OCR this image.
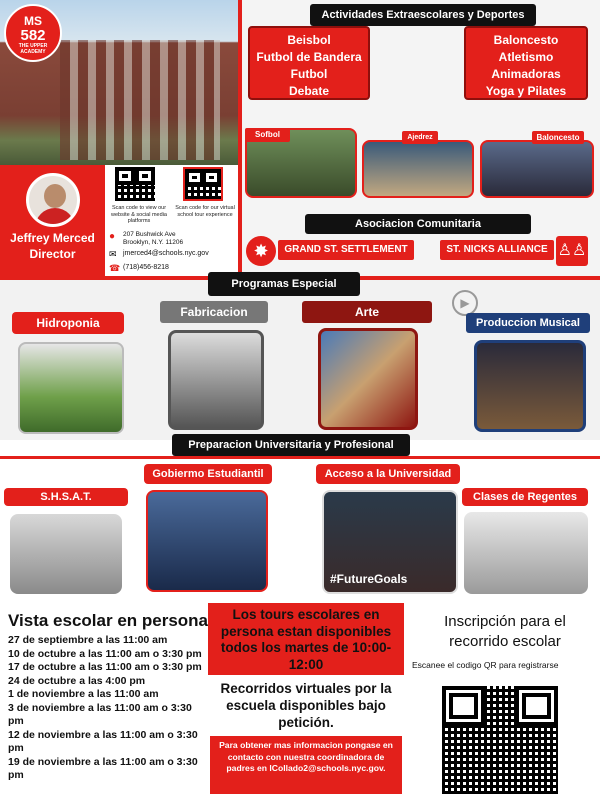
MS
582
THE UPPER ACADEMY
Jeffrey Merced
Director
Scan code to view our website & social media platforms
Scan code for our virtual school tour experience
● 207 Bushwick Ave
Brooklyn, N.Y. 11206
✉ jmerced4@schools.nyc.gov
☎ (718)456-8218
Actividades Extraescolares y Deportes
Beisbol
Futbol de Bandera
Futbol
Debate
Baloncesto
Atletismo
Animadoras
Yoga y Pilates
Sofbol	Ajedrez	Baloncesto
Asociacion Comunitaria
✸	GRAND ST. SETTLEMENT	ST. NICKS ALLIANCE ♙♙
Programas Especial
Hidroponia
Fabricacion	Arte
▶
Produccion Musical
Preparacion Universitaria y Profesional
Gobiermo Estudiantil	Acceso a la Universidad
S.H.S.A.T.	Clases de Regentes
#FutureGoals
Vista escolar en persona
27 de septiembre a las 11:00 am
10 de octubre a las 11:00 am o 3:30 pm
17 de octubre a las 11:00 am o 3:30 pm
24 de octubre a las 4:00 pm
1 de noviembre a las 11:00 am
3 de noviembre a las 11:00 am o 3:30 pm
12 de noviembre a las 11:00 am o 3:30 pm
19 de noviembre a las 11:00 am o 3:30 pm
Los tours escolares en persona estan disponibles todos los martes de 10:00-12:00
Recorridos virtuales por la escuela disponibles bajo petición.
Para obtener mas informacion pongase en contacto con nuestra coordinadora de padres en lCollado2@schools.nyc.gov.
Inscripción para el recorrido escolar
Escanee el codigo QR para registrarse
